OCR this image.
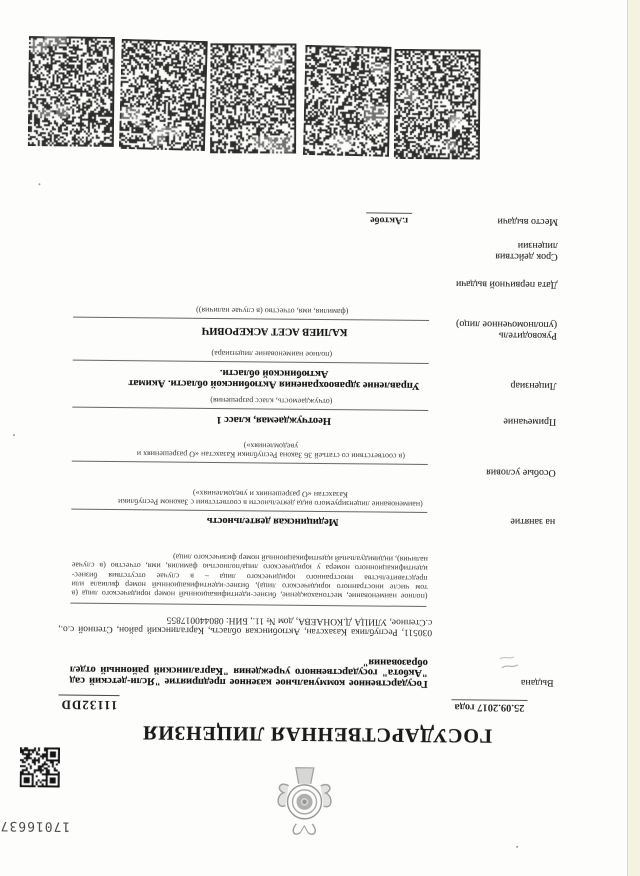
17016637
ГОСУДАРСТВЕННАЯ ЛИЦЕНЗИЯ
25.09.2017 года
11132DD
Выдана
Государственное коммунальное казенное предприятие "Ясли-детский сад "Акбота" государственного учреждения "Каргалинский районный отдел образования"
030511, Республика Казахстан, Актюбинская область, Каргалинский район, Степной с.о., с.Степное, УЛИЦА Д.КОНАЕВА, дом № 11., БИН: 080440017855
(полное наименование, местонахождение, бизнес-идентификационный номер юридического лица (в том числе иностранного юридического лица), бизнес-идентификационный номер филиала или представительства иностранного юридического лица – в случае отсутствия бизнес-идентификационного номера у юридического лица/полностью фамилия, имя, отчество (в случае наличия), индивидуальный идентификационный номер физического лица)
на занятие
Медицинская деятельность
(наименование лицензируемого вида деятельности в соответствии с Законом Республики Казахстан «О разрешениях и уведомлениях»)
Особые условия
(в соответствии со статьей 36 Закона Республики Казахстан «О разрешениях и уведомлениях»)
Примечание
Неотчуждаемая, класс 1
(отчуждаемость, класс разрешения)
Лицензиар
Управление здравоохранения Актюбинской области. Акимат Актюбинской области.
(полное наименование лицензиара)
Руководитель
(уполномоченное лицо)
КАЛИЕВ АСЕТ АСКЕРОВИЧ
(фамилия, имя, отчество (в случае наличия))
Дата первичной выдачи
Срок действия
лицензии
Место выдачи
г.Актобе
